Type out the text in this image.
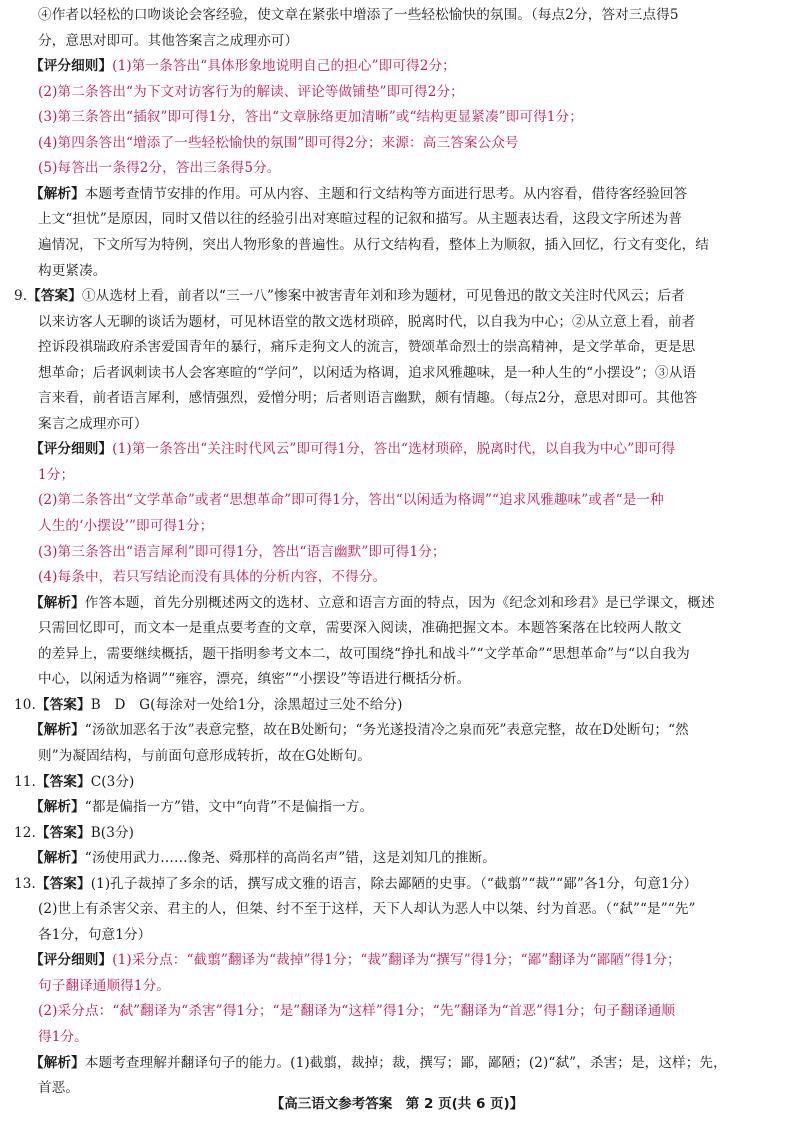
④作者以轻松的口吻谈论会客经验，使文章在紧张中增添了一些轻松愉快的氛围。（每点2分，答对三点得5
分，意思对即可。其他答案言之成理亦可）
【评分细则】(1)第一条答出“具体形象地说明自己的担心”即可得2分；
(2)第二条答出“为下文对访客行为的解读、评论等做铺垫”即可得2分；
(3)第三条答出“插叙”即可得1分，答出“文章脉络更加清晰”或“结构更显紧凑”即可得1分；
(4)第四条答出“增添了一些轻松愉快的氛围”即可得2分；来源：高三答案公众号
(5)每答出一条得2分，答出三条得5分。
【解析】本题考查情节安排的作用。可从内容、主题和行文结构等方面进行思考。从内容看，借待客经验回答
上文“担忧”是原因，同时又借以往的经验引出对寒暄过程的记叙和描写。从主题表达看，这段文字所述为普
遍情况，下文所写为特例，突出人物形象的普遍性。从行文结构看，整体上为顺叙，插入回忆，行文有变化，结
构更紧凑。
9.【答案】①从选材上看，前者以“三一八”惨案中被害青年刘和珍为题材，可见鲁迅的散文关注时代风云；后者
以来访客人无聊的谈话为题材，可见林语堂的散文选材琐碎，脱离时代，以自我为中心；②从立意上看，前者
控诉段祺瑞政府杀害爱国青年的暴行，痛斥走狗文人的流言，赞颂革命烈士的崇高精神，是文学革命，更是思
想革命；后者讽刺读书人会客寒暄的“学问”，以闲适为格调，追求风雅趣味，是一种人生的“小摆设”；③从语
言来看，前者语言犀利，感情强烈，爱憎分明；后者则语言幽默，颇有情趣。（每点2分，意思对即可。其他答
案言之成理亦可）
【评分细则】(1)第一条答出“关注时代风云”即可得1分，答出“选材琐碎，脱离时代，以自我为中心”即可得
1分；
(2)第二条答出“文学革命”或者“思想革命”即可得1分，答出“以闲适为格调”“追求风雅趣味”或者“是一种
人生的‘小摆设’”即可得1分；
(3)第三条答出“语言犀利”即可得1分，答出“语言幽默”即可得1分；
(4)每条中，若只写结论而没有具体的分析内容，不得分。
【解析】作答本题，首先分别概述两文的选材、立意和语言方面的特点，因为《纪念刘和珍君》是已学课文，概述
只需回忆即可，而文本一是重点要考查的文章，需要深入阅读，准确把握文本。本题答案落在比较两人散文
的差异上，需要继续概括，题干指明参考文本二，故可围绕“挣扎和战斗”“文学革命”“思想革命”与“以自我为
中心，以闲适为格调”“雍容，漂亮，缜密”“小摆设”等语进行概括分析。
10.【答案】B　D　G(每涂对一处给1分，涂黑超过三处不给分)
【解析】“汤欲加恶名于汝”表意完整，故在B处断句；“务光遂投清冷之泉而死”表意完整，故在D处断句；“然
则”为凝固结构，与前面句意形成转折，故在G处断句。
11.【答案】C(3分)
【解析】“都是偏指一方”错，文中“向背”不是偏指一方。
12.【答案】B(3分)
【解析】“汤使用武力……像尧、舜那样的高尚名声”错，这是刘知几的推断。
13.【答案】(1)孔子裁掉了多余的话，撰写成文雅的语言，除去鄙陋的史事。（“截翦”“裁”“鄙”各1分，句意1分）
(2)世上有杀害父亲、君主的人，但桀、纣不至于这样，天下人却认为恶人中以桀、纣为首恶。（“弑”“是”“先”
各1分，句意1分）
【评分细则】(1)采分点：“截翦”翻译为“裁掉”得1分；“裁”翻译为“撰写”得1分；“鄙”翻译为“鄙陋”得1分；
句子翻译通顺得1分。
(2)采分点：“弑”翻译为“杀害”得1分；“是”翻译为“这样”得1分；“先”翻译为“首恶”得1分；句子翻译通顺
得1分。
【解析】本题考查理解并翻译句子的能力。(1)截翦，裁掉；裁，撰写；鄙，鄙陋；(2)“弑”，杀害；是，这样；先，
首恶。
【高三语文参考答案　第 2 页(共 6 页)】
